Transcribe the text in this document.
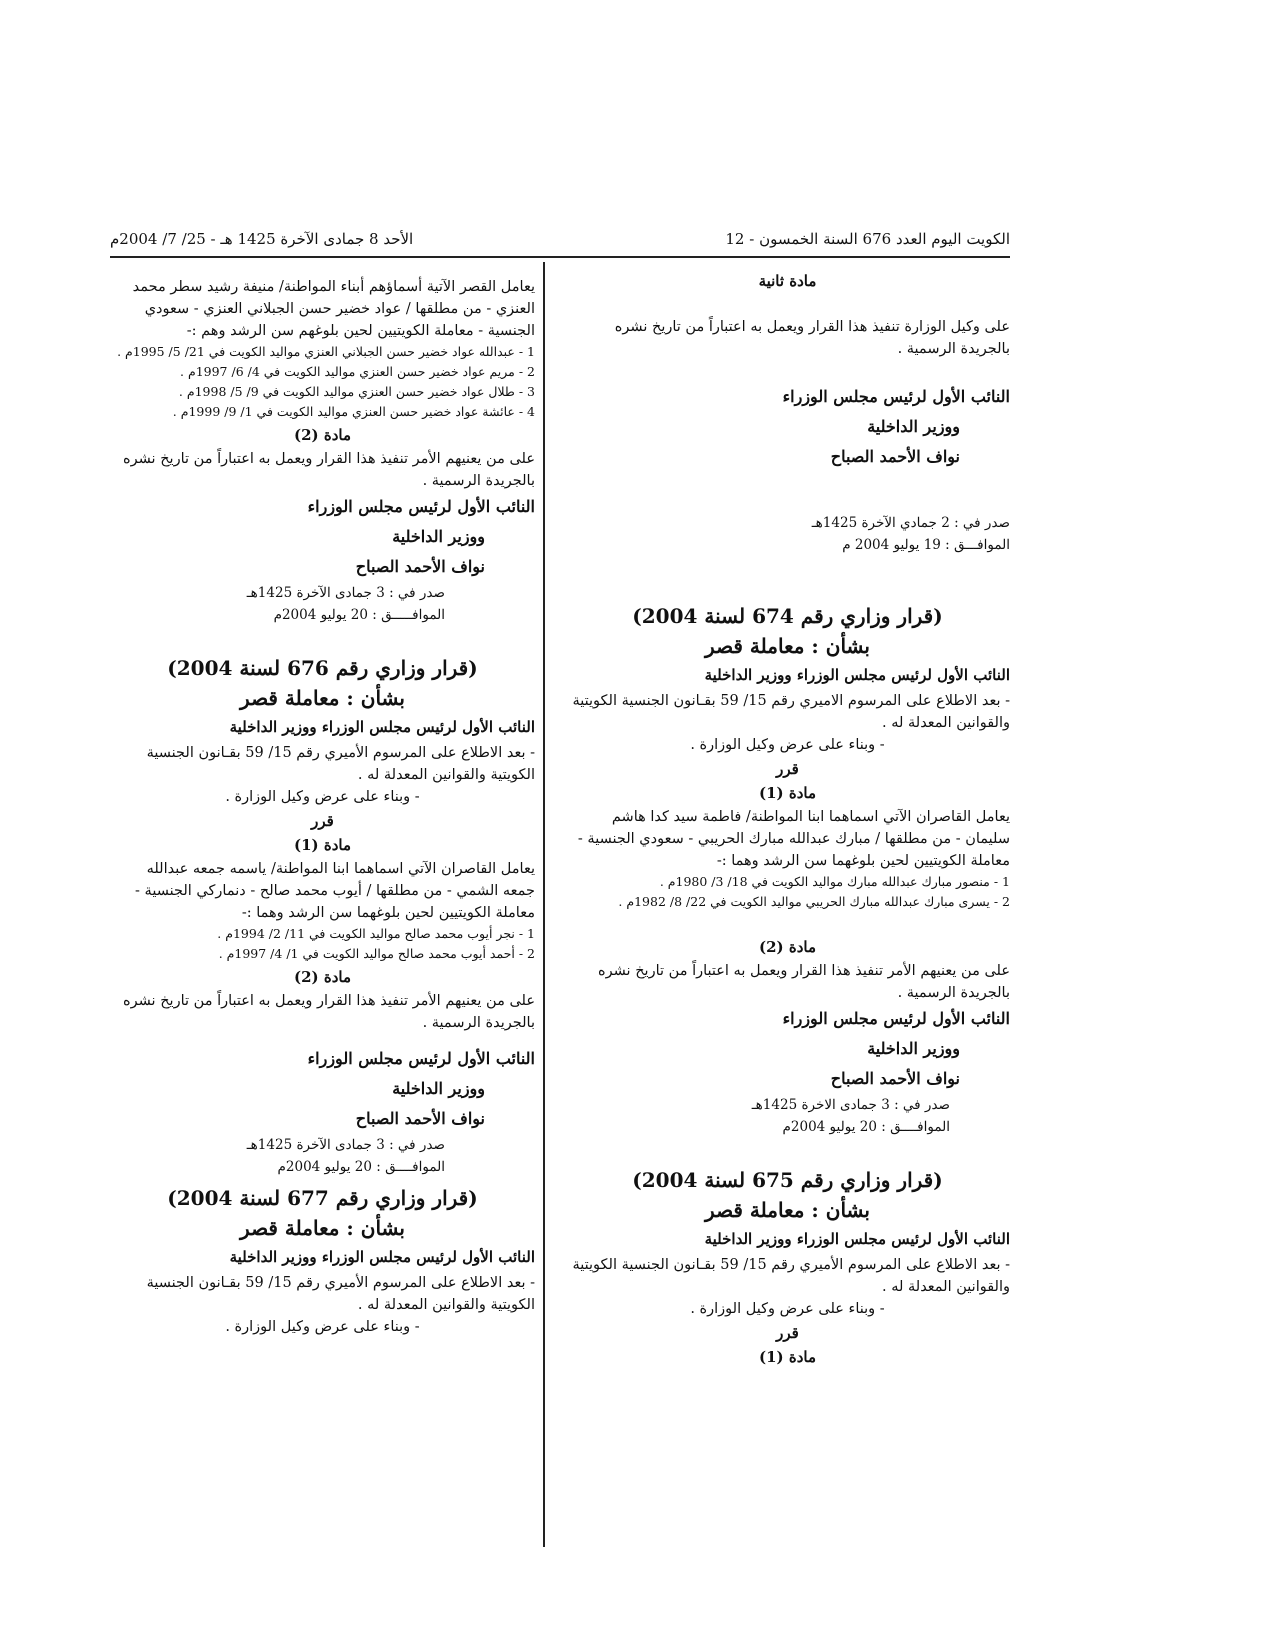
الكويت اليوم العدد 676 السنة الخمسون - 12
الأحد 8 جمادى الآخرة 1425 هـ - 25/ 7/ 2004م
مادة ثانية

على وكيل الوزارة تنفيذ هذا القرار ويعمل به اعتباراً من تاريخ نشره بالجريدة الرسمية .

النائب الأول لرئيس مجلس الوزراء
ووزير الداخلية
نواف الأحمد الصباح
صدر في : 2 جمادي الآخرة 1425هـ
الموافـــق : 19 يوليو 2004 م
(قرار وزاري رقم 674 لسنة 2004)
بشأن : معاملة قصر
النائب الأول لرئيس مجلس الوزراء ووزير الداخلية

- بعد الاطلاع على المرسوم الاميري رقم 15/ 59 بقـانون الجنسية الكويتية والقوانين المعدلة له .

- وبناء على عرض وكيل الوزارة .

قرر
مادة (1)

يعامل القاصران الآتي اسماهما ابنا المواطنة/ فاطمة سيد كدا هاشم سليمان - من مطلقها / مبارك عبدالله مبارك الحريبي - سعودي الجنسية - معاملة الكويتيين لحين بلوغهما سن الرشد وهما :-

1 - منصور مبارك عبدالله مبارك مواليد الكويت في 18/ 3/ 1980م .
2 - يسرى مبارك عبدالله مبارك الحريبي مواليد الكويت في 22/ 8/ 1982م .
مادة (2)

على من يعنيهم الأمر تنفيذ هذا القرار ويعمل به اعتباراً من تاريخ نشره بالجريدة الرسمية .

النائب الأول لرئيس مجلس الوزراء
ووزير الداخلية
نواف الأحمد الصباح
صدر في : 3 جمادى الاخرة 1425هـ
الموافــــق : 20 يوليو 2004م
(قرار وزاري رقم 675 لسنة 2004)
بشأن : معاملة قصر
النائب الأول لرئيس مجلس الوزراء ووزير الداخلية

- بعد الاطلاع على المرسوم الأميري رقم 15/ 59 بقـانون الجنسية الكويتية والقوانين المعدلة له .

- وبناء على عرض وكيل الوزارة .

قرر
مادة (1)

يعامل القصر الآتية أسماؤهم أبناء المواطنة/ منيفة رشيد سطر محمد العنزي - من مطلقها / عواد خضير حسن الجبلاني العنزي - سعودي الجنسية - معاملة الكويتيين لحين بلوغهم سن الرشد وهم :-

1 - عبدالله عواد خضير حسن الجبلاني العنزي مواليد الكويت في 21/ 5/ 1995م .
2 - مريم عواد خضير حسن العنزي مواليد الكويت في 4/ 6/ 1997م .
3 - طلال عواد خضير حسن العنزي مواليد الكويت في 9/ 5/ 1998م .
4 - عائشة عواد خضير حسن العنزي مواليد الكويت في 1/ 9/ 1999م .
مادة (2)

على من يعنيهم الأمر تنفيذ هذا القرار ويعمل به اعتباراً من تاريخ نشره بالجريدة الرسمية .

النائب الأول لرئيس مجلس الوزراء
ووزير الداخلية
نواف الأحمد الصباح
صدر في : 3 جمادى الآخرة 1425هـ
الموافـــــق : 20 يوليو 2004م
(قرار وزاري رقم 676 لسنة 2004)
بشأن : معاملة قصر
النائب الأول لرئيس مجلس الوزراء ووزير الداخلية

- بعد الاطلاع على المرسوم الأميري رقم 15/ 59 بقـانون الجنسية الكويتية والقوانين المعدلة له .

- وبناء على عرض وكيل الوزارة .

قرر
مادة (1)

يعامل القاصران الآتي اسماهما ابنا المواطنة/ ياسمه جمعه عبدالله جمعه الشمي - من مطلقها / أيوب محمد صالح - دنماركي الجنسية - معاملة الكويتيين لحين بلوغهما سن الرشد وهما :-

1 - نجر أيوب محمد صالح مواليد الكويت في 11/ 2/ 1994م .
2 - أحمد أيوب محمد صالح مواليد الكويت في 1/ 4/ 1997م .
مادة (2)

على من يعنيهم الأمر تنفيذ هذا القرار ويعمل به اعتباراً من تاريخ نشره بالجريدة الرسمية .

النائب الأول لرئيس مجلس الوزراء
ووزير الداخلية
نواف الأحمد الصباح
صدر في : 3 جمادى الآخرة 1425هـ
الموافــــق : 20 يوليو 2004م
(قرار وزاري رقم 677 لسنة 2004)
بشأن : معاملة قصر
النائب الأول لرئيس مجلس الوزراء ووزير الداخلية

- بعد الاطلاع على المرسوم الأميري رقم 15/ 59 بقـانون الجنسية الكويتية والقوانين المعدلة له .

- وبناء على عرض وكيل الوزارة .
